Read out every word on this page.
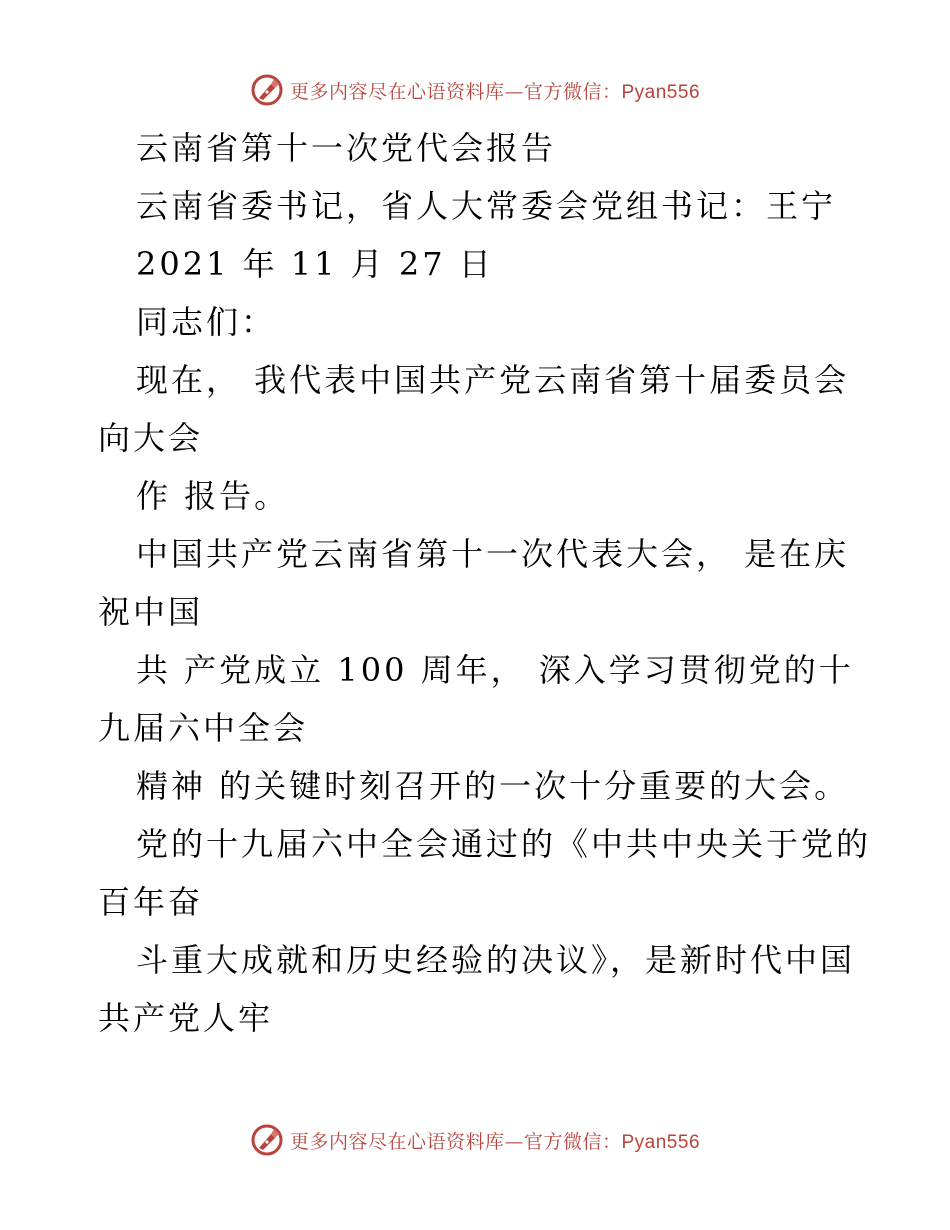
更多内容尽在心语资料库—官方微信：Pyan556
云南省第十一次党代会报告
云南省委书记，省人大常委会党组书记：王宁
2021 年 11 月 27 日
同志们：
现在， 我代表中国共产党云南省第十届委员会
向大会
作 报告。
中国共产党云南省第十一次代表大会， 是在庆
祝中国
共 产党成立 100 周年， 深入学习贯彻党的十
九届六中全会
精神 的关键时刻召开的一次十分重要的大会。
党的十九届六中全会通过的《中共中央关于党的
百年奋
斗重大成就和历史经验的决议》，是新时代中国
共产党人牢
更多内容尽在心语资料库—官方微信：Pyan556
